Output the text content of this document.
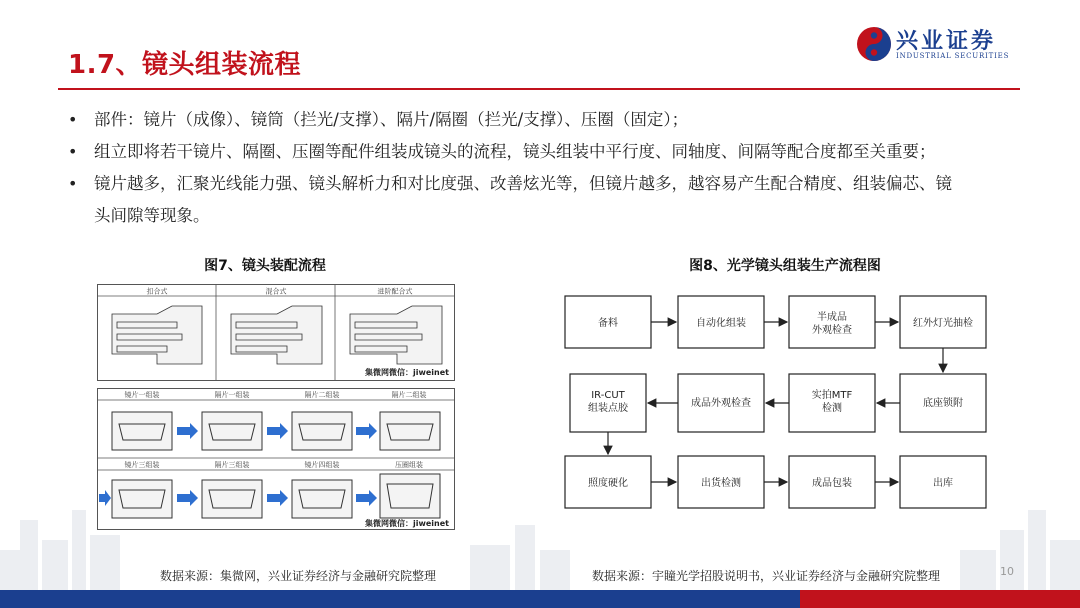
1.7、镜头组装流程
兴业证券
INDUSTRIAL SECURITIES
• 部件：镜片（成像）、镜筒（拦光/支撑）、隔片/隔圈（拦光/支撑）、压圈（固定）；
• 组立即将若干镜片、隔圈、压圈等配件组装成镜头的流程，镜头组装中平行度、同轴度、间隔等配合度都至关重要；
• 镜片越多，汇聚光线能力强、镜头解析力和对比度强、改善炫光等，但镜片越多，越容易产生配合精度、组装偏芯、镜
头间隙等现象。
图7、镜头装配流程
扣合式	混合式	进阶配合式
集微网微信：jiweinet
镜片一组装	隔片一组装	隔片二组装	隔片二组装
镜片三组装	隔片三组装	镜片四组装	压圈组装
集微网微信：jiweinet
图8、光学镜头组装生产流程图
备料	自动化组装
半成品
外观检查
红外灯光抽检
IR-CUT
组装点胶	成品外观检查
实拍MTF
检测	底座锁附
照度硬化	出货检测	成品包装	出库
数据来源：集微网，兴业证券经济与金融研究院整理	数据来源：宇瞳光学招股说明书，兴业证券经济与金融研究院整理	10
